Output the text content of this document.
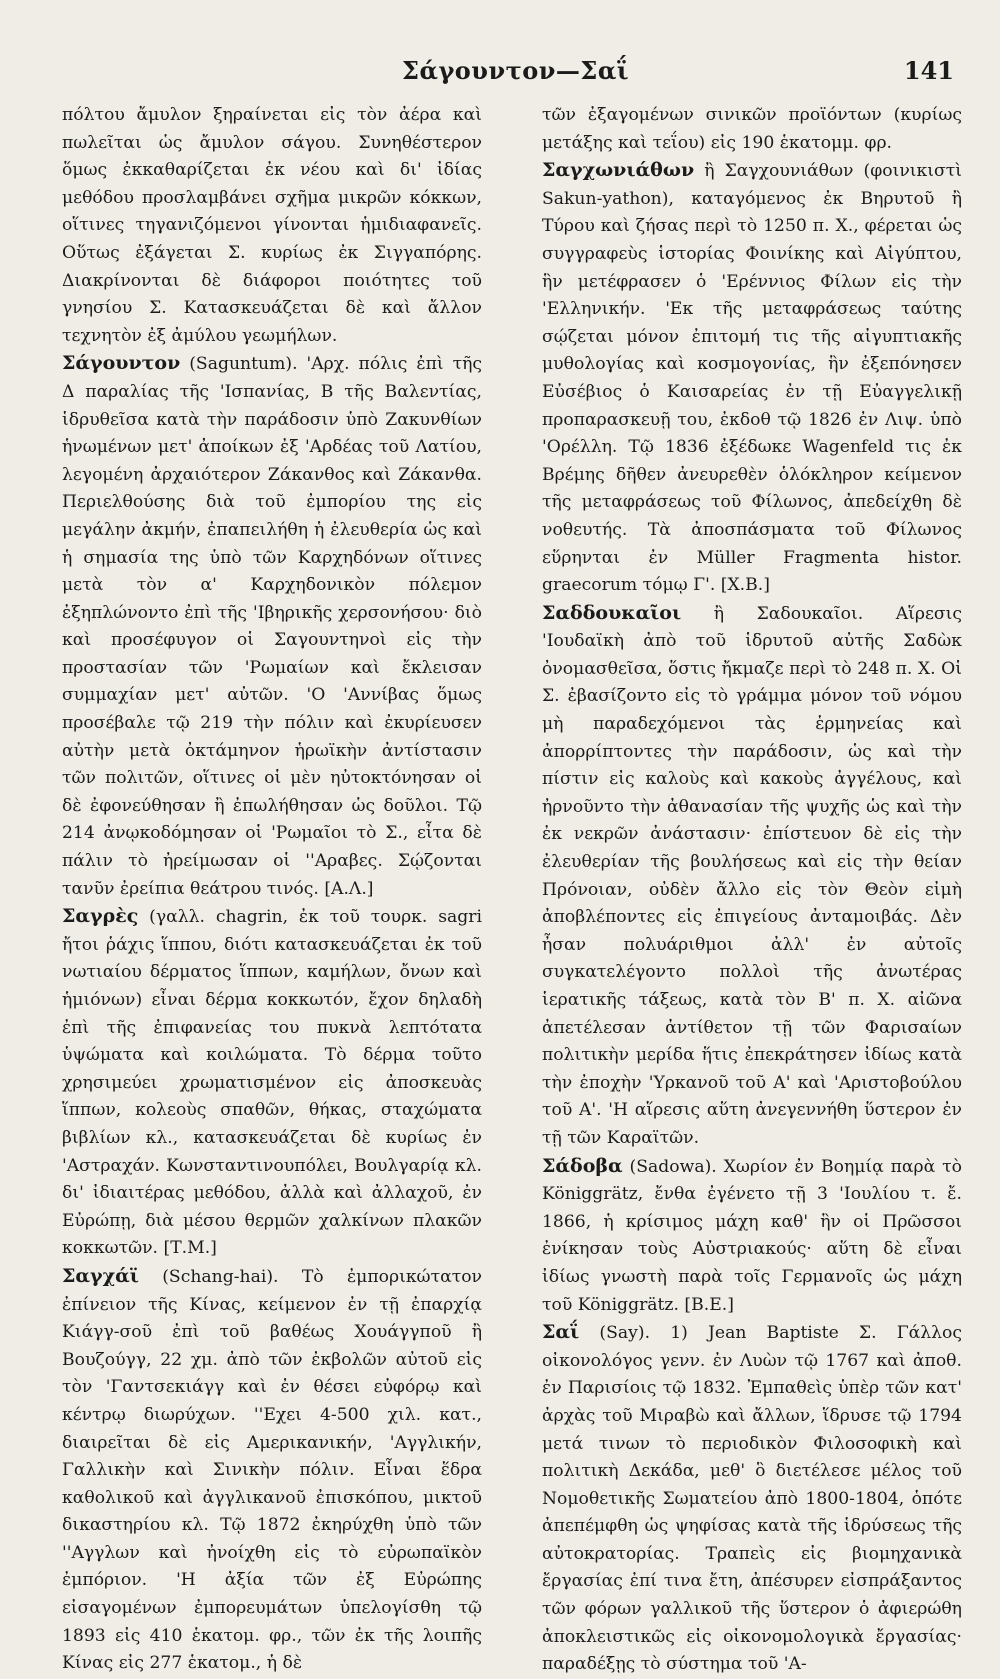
Σάγουντον—Σαΐ	141

πόλτου ἄμυλον ξηραίνεται εἰς τὸν ἀέρα καὶ πωλεῖται ὡς ἄμυλον σάγου. Συνηθέστερον ὅμως ἐκκαθαρίζεται ἐκ νέου καὶ δι' ἰδίας μεθόδου προσλαμβάνει σχῆμα μικρῶν κόκκων, οἵτινες τηγανιζόμενοι γίνονται ἡμιδιαφανεῖς. Οὕτως ἐξάγεται Σ. κυρίως ἐκ Σιγγαπόρης. Διακρίνονται δὲ διάφοροι ποιότητες τοῦ γνησίου Σ. Κατασκευάζεται δὲ καὶ ἄλλον τεχνητὸν ἐξ ἀμύλου γεωμήλων.

Σάγουντον (Saguntum). 'Αρχ. πόλις ἐπὶ τῆς Δ παραλίας τῆς 'Ισπανίας, Β τῆς Βαλεντίας, ἱδρυθεῖσα κατὰ τὴν παράδοσιν ὑπὸ Ζακυνθίων ἡνωμένων μετ' ἀποίκων ἐξ 'Αρδέας τοῦ Λατίου, λεγομένη ἀρχαιότερον Ζάκανθος καὶ Ζάκανθα. Περιελθούσης διὰ τοῦ ἐμπορίου της εἰς μεγάλην ἀκμήν, ἐπαπειλήθη ἡ ἐλευθερία ὡς καὶ ἡ σημασία της ὑπὸ τῶν Καρχηδόνων οἵτινες μετὰ τὸν α' Καρχηδονικὸν πόλεμον ἐξηπλώνοντο ἐπὶ τῆς 'Ιβηρικῆς χερσονήσου· διὸ καὶ προσέφυγον οἱ Σαγουντηνοὶ εἰς τὴν προστασίαν τῶν 'Ρωμαίων καὶ ἔκλεισαν συμμαχίαν μετ' αὐτῶν. 'Ο 'Αννίβας ὅμως προσέβαλε τῷ 219 τὴν πόλιν καὶ ἐκυρίευσεν αὐτὴν μετὰ ὀκτάμηνον ἡρωϊκὴν ἀντίστασιν τῶν πολιτῶν, οἵτινες οἱ μὲν ηὐτοκτόνησαν οἱ δὲ ἐφονεύθησαν ἢ ἐπωλήθησαν ὡς δοῦλοι. Τῷ 214 ἀνῳκοδόμησαν οἱ 'Ρωμαῖοι τὸ Σ., εἶτα δὲ πάλιν τὸ ἠρείμωσαν οἱ ''Αραβες. Σῴζονται τανῦν ἐρείπια θεάτρου τινός. [Α.Λ.]

Σαγρὲς (γαλλ. chagrin, ἐκ τοῦ τουρκ. sagri ἤτοι ῥάχις ἵππου, διότι κατασκευάζεται ἐκ τοῦ νωτιαίου δέρματος ἵππων, καμήλων, ὄνων καὶ ἡμιόνων) εἶναι δέρμα κοκκωτόν, ἔχον δηλαδὴ ἐπὶ τῆς ἐπιφανείας του πυκνὰ λεπτότατα ὑψώματα καὶ κοιλώματα. Τὸ δέρμα τοῦτο χρησιμεύει χρωματισμένον εἰς ἀποσκευὰς ἵππων, κολεοὺς σπαθῶν, θήκας, σταχώματα βιβλίων κλ., κατασκευάζεται δὲ κυρίως ἐν 'Αστραχάν. Κωνσταντινουπόλει, Βουλγαρίᾳ κλ. δι' ἰδιαιτέρας μεθόδου, ἀλλὰ καὶ ἀλλαχοῦ, ἐν Εὐρώπῃ, διὰ μέσου θερμῶν χαλκίνων πλακῶν κοκκωτῶν. [Τ.Μ.]

Σαγχάϊ (Schang-hai). Τὸ ἐμπορικώτατον ἐπίνειον τῆς Κίνας, κείμενον ἐν τῇ ἐπαρχίᾳ Κιάγγ-σοῦ ἐπὶ τοῦ βαθέως Χουάγγποῦ ἢ Βουζούγγ, 22 χμ. ἀπὸ τῶν ἐκβολῶν αὐτοῦ εἰς τὸν 'Γαντσεκιάγγ καὶ ἐν θέσει εὐφόρῳ καὶ κέντρῳ διωρύχων. ''Εχει 4-500 χιλ. κατ., διαιρεῖται δὲ εἰς Αμερικανικήν, 'Αγγλικήν, Γαλλικὴν καὶ Σινικὴν πόλιν. Εἶναι ἕδρα καθολικοῦ καὶ ἀγγλικανοῦ ἐπισκόπου, μικτοῦ δικαστηρίου κλ. Τῷ 1872 ἐκηρύχθη ὑπὸ τῶν ''Αγγλων καὶ ἠνοίχθη εἰς τὸ εὐρωπαϊκὸν ἐμπόριον. 'Η ἀξία τῶν ἐξ Εὐρώπης εἰσαγομένων ἐμπορευμάτων ὑπελογίσθη τῷ 1893 εἰς 410 ἑκατομ. φρ., τῶν ἐκ τῆς λοιπῆς Κίνας εἰς 277 ἑκατομ., ἡ δὲ

τῶν ἐξαγομένων σινικῶν προϊόντων (κυρίως μετάξης καὶ τεΐου) εἰς 190 ἑκατομμ. φρ.

Σαγχωνιάθων ἢ Σαγχουνιάθων (φοινικιστὶ Sakun-yathon), καταγόμενος ἐκ Βηρυτοῦ ἢ Τύρου καὶ ζήσας περὶ τὸ 1250 π. Χ., φέρεται ὡς συγγραφεὺς ἱστορίας Φοινίκης καὶ Αἰγύπτου, ἣν μετέφρασεν ὁ 'Ερέννιος Φίλων εἰς τὴν 'Ελληνικήν. 'Εκ τῆς μεταφράσεως ταύτης σῴζεται μόνον ἐπιτομή τις τῆς αἰγυπτιακῆς μυθολογίας καὶ κοσμογονίας, ἣν ἐξεπόνησεν Εὐσέβιος ὁ Καισαρείας ἐν τῇ Εὐαγγελικῇ προπαρασκευῇ του, ἐκδοθ τῷ 1826 ἐν Λιψ. ὑπὸ 'Ορέλλη. Τῷ 1836 ἐξέδωκε Wagenfeld τις ἐκ Βρέμης δῆθεν ἀνευρεθὲν ὁλόκληρον κείμενον τῆς μεταφράσεως τοῦ Φίλωνος, ἀπεδείχθη δὲ νοθευτής. Τὰ ἀποσπάσματα τοῦ Φίλωνος εὕρηνται ἐν Müller Fragmenta histor. graecorum τόμῳ Γ'. [Χ.Β.]

Σαδδουκαῖοι ἢ Σαδουκαῖοι. Αἵρεσις 'Ιουδαϊκὴ ἀπὸ τοῦ ἱδρυτοῦ αὐτῆς Σαδὼκ ὀνομασθεῖσα, ὅστις ἤκμαζε περὶ τὸ 248 π. Χ. Οἱ Σ. ἐβασίζοντο εἰς τὸ γράμμα μόνον τοῦ νόμου μὴ παραδεχόμενοι τὰς ἑρμηνείας καὶ ἀπορρίπτοντες τὴν παράδοσιν, ὡς καὶ τὴν πίστιν εἰς καλοὺς καὶ κακοὺς ἀγγέλους, καὶ ἠρνοῦντο τὴν ἀθανασίαν τῆς ψυχῆς ὡς καὶ τὴν ἐκ νεκρῶν ἀνάστασιν· ἐπίστευον δὲ εἰς τὴν ἐλευθερίαν τῆς βουλήσεως καὶ εἰς τὴν θείαν Πρόνοιαν, οὐδὲν ἄλλο εἰς τὸν Θεὸν εἰμὴ ἀποβλέποντες εἰς ἐπιγείους ἀνταμοιβάς. Δὲν ἦσαν πολυάριθμοι ἀλλ' ἐν αὐτοῖς συγκατελέγοντο πολλοὶ τῆς ἀνωτέρας ἱερατικῆς τάξεως, κατὰ τὸν Β' π. Χ. αἰῶνα ἀπετέλεσαν ἀντίθετον τῇ τῶν Φαρισαίων πολιτικὴν μερίδα ἥτις ἐπεκράτησεν ἰδίως κατὰ τὴν ἐποχὴν 'Υρκανοῦ τοῦ Α' καὶ 'Αριστοβούλου τοῦ Α'. 'Η αἵρεσις αὕτη ἀνεγεννήθη ὕστερον ἐν τῇ τῶν Καραϊτῶν.

Σάδοβα (Sadowa). Χωρίον ἐν Βοημίᾳ παρὰ τὸ Königgrätz, ἔνθα ἐγένετο τῇ 3 'Ιουλίου τ. ἔ. 1866, ἡ κρίσιμος μάχη καθ' ἣν οἱ Πρῶσσοι ἐνίκησαν τοὺς Αὐστριακούς· αὕτη δὲ εἶναι ἰδίως γνωστὴ παρὰ τοῖς Γερμανοῖς ὡς μάχη τοῦ Königgrätz. [Β.Ε.]

Σαΐ (Say). 1) Jean Baptiste Σ. Γάλλος οἰκονολόγος γενν. ἐν Λυὼν τῷ 1767 καὶ ἀποθ. ἐν Παρισίοις τῷ 1832. Ἐμπαθεὶς ὑπὲρ τῶν κατ' ἀρχὰς τοῦ Μιραβὼ καὶ ἄλλων, ἵδρυσε τῷ 1794 μετά τινων τὸ περιοδικὸν Φιλοσοφικὴ καὶ πολιτικὴ Δεκάδα, μεθ' ὃ διετέλεσε μέλος τοῦ Νομοθετικῆς Σωματείου ἀπὸ 1800-1804, ὁπότε ἀπεπέμφθη ὡς ψηφίσας κατὰ τῆς ἱδρύσεως τῆς αὐτοκρατορίας. Τραπεὶς εἰς βιομηχανικὰ ἔργασίας ἐπί τινα ἔτη, ἀπέσυρεν εἰσπράξαντος τῶν φόρων γαλλικοῦ τῆς ὕστερον ὁ ἀφιερώθη ἀποκλειστικῶς εἰς οἰκονομολογικὰ ἔργασίας· παραδέξῃς τὸ σύστημα τοῦ 'Α-
